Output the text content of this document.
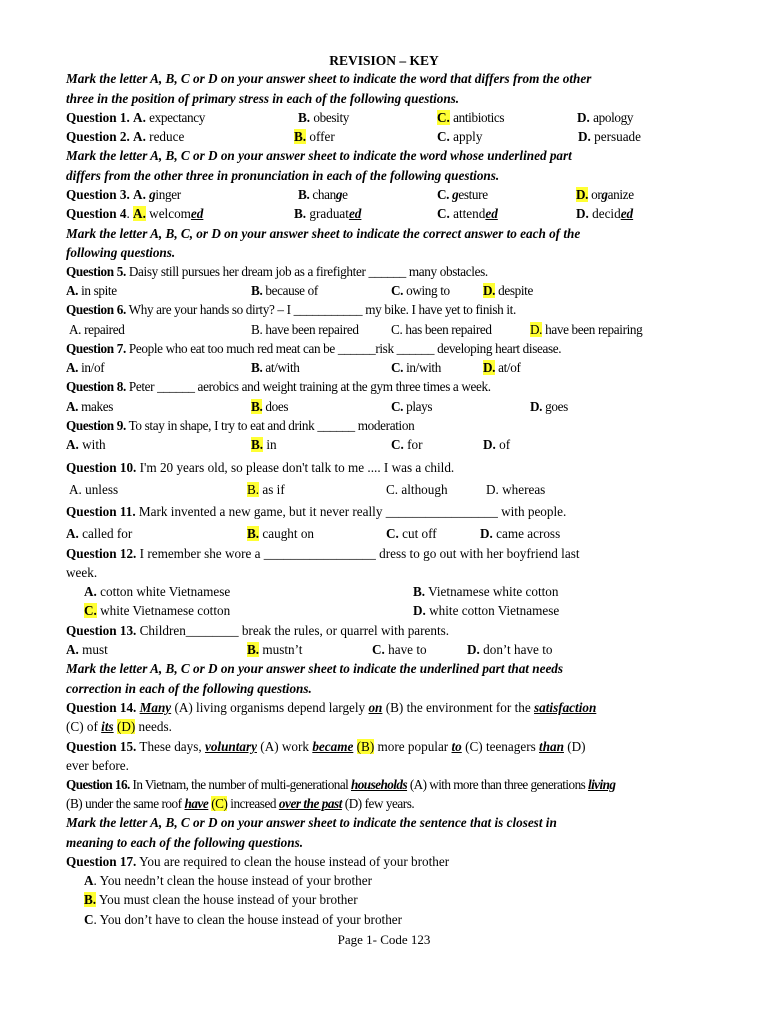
REVISION – KEY
Mark the letter A, B, C or D on your answer sheet to indicate the word that differs from the other
three in the position of primary stress in each of the following questions.
Question 1. A. expectancy	B. obesity	C. antibiotics	D. apology
Question 2. A. reduce	B. offer	C. apply	D. persuade
Mark the letter A, B, C or D on your answer sheet to indicate the word whose underlined part
differs from the other three in pronunciation in each of the following questions.
Question 3. A. ginger	B. change	C. gesture	D. organize
Question 4. A. welcomed	B. graduated	C. attended	D. decided
Mark the letter A, B, C, or D on your answer sheet to indicate the correct answer to each of the
following questions.
Question 5. Daisy still pursues her dream job as a firefighter ______ many obstacles.
A. in spite	B. because of	C. owing to	D. despite
Question 6. Why are your hands so dirty? – I ___________ my bike. I have yet to finish it.
A. repaired	B. have been repaired C. has been repaired	D. have been repairing
Question 7. People who eat too much red meat can be ______risk ______ developing heart disease.
A. in/of	B. at/with	C. in/with	D. at/of
Question 8. Peter ______ aerobics and weight training at the gym three times a week.
A. makes	B. does	C. plays	D. goes
Question 9. To stay in shape, I try to eat and drink ______ moderation
A. with	B. in	C. for	D. of
Question 10. I'm 20 years old, so please don't talk to me .... I was a child.
A. unless	B. as if	C. although	D. whereas
Question 11. Mark invented a new game, but it never really _________________ with people.
A. called for	B. caught on	C. cut off	D. came across
Question 12. I remember she wore a _________________ dress to go out with her boyfriend last
week.
A. cotton white Vietnamese	B. Vietnamese white cotton
C. white Vietnamese cotton	D. white cotton Vietnamese
Question 13. Children________ break the rules, or quarrel with parents.
A. must	B. mustn’t	C. have to	D. don’t have to
Mark the letter A, B, C or D on your answer sheet to indicate the underlined part that needs
correction in each of the following questions.
Question 14. Many (A) living organisms depend largely on (B) the environment for the satisfaction
(C) of its (D) needs.
Question 15. These days, voluntary (A) work became (B) more popular to (C) teenagers than (D)
ever before.
Question 16. In Vietnam, the number of multi-generational households (A) with more than three generations living
(B) under the same roof have (C) increased over the past (D) few years.
Mark the letter A, B, C or D on your answer sheet to indicate the sentence that is closest in
meaning to each of the following questions.
Question 17. You are required to clean the house instead of your brother
A. You needn’t clean the house instead of your brother
B. You must clean the house instead of your brother
C. You don’t have to clean the house instead of your brother
Page 1- Code 123
